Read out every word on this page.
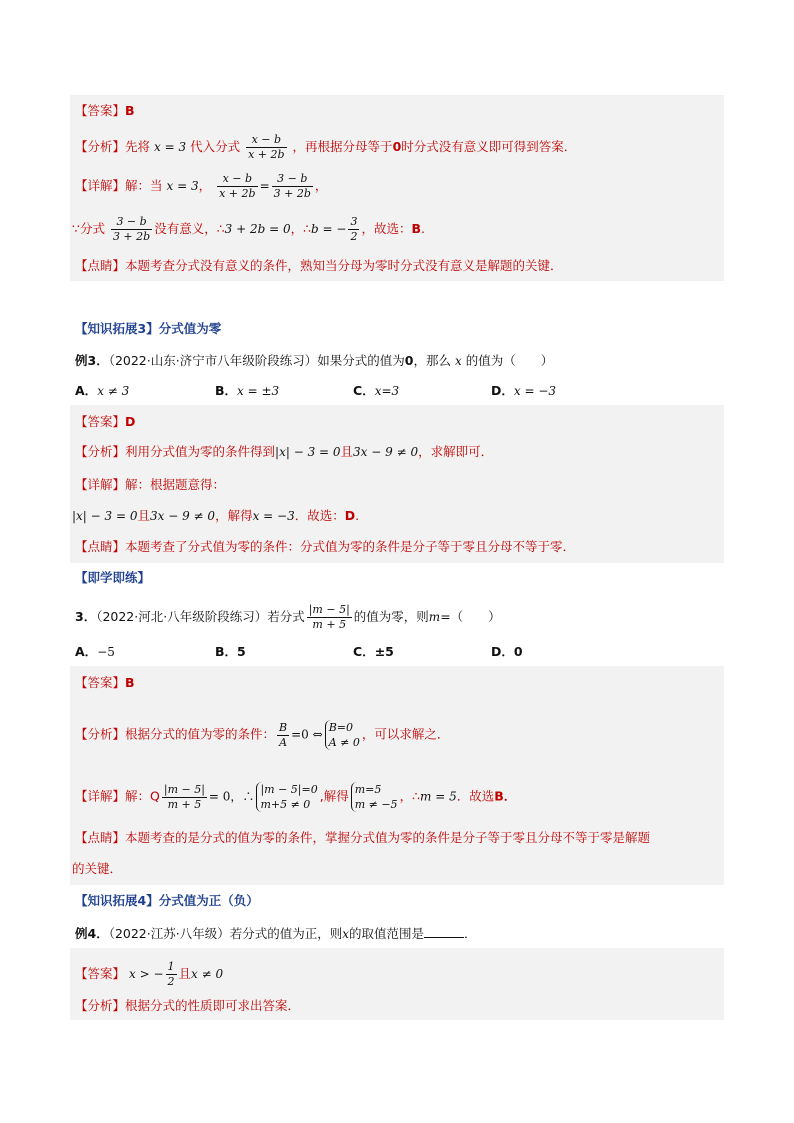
【答案】B
【分析】先将 x = 3 代入分式 $\frac{x - b}{x + 2b}$ ，再根据分母等于0时分式没有意义即可得到答案．
【详解】解：当 x = 3， $\frac{x - b}{x + 2b} = \frac{3 - b}{3 + 2b}$ ，
∵分式 $\frac{3 - b}{3 + 2b}$ 没有意义，∴3 + 2b = 0，∴b = − $\frac{3}{2}$ ，故选：B.
【点睛】本题考查分式没有意义的条件，熟知当分母为零时分式没有意义是解题的关键．
【知识拓展3】分式值为零
例3．（2022·山东·济宁市八年级阶段练习）如果分式的值为0，那么 x 的值为（　　）
A．x ≠ 3	B．x = ±3	C．x=3	D．x = −3
【答案】D
【分析】利用分式值为零的条件得到|x| − 3 = 0且3x − 9 ≠ 0，求解即可．
【详解】解：根据题意得：
|x| − 3 = 0且3x − 9 ≠ 0，解得x = −3．故选：D.
【点睛】本题考查了分式值为零的条件：分式值为零的条件是分子等于零且分母不等于零．
【即学即练】
3．（2022·河北·八年级阶段练习）若分式 $\frac{|m - 5|}{m + 5}$ 的值为零，则m=（　　）
A．−5	B．5	C．±5	D．0
【答案】B
【分析】根据分式的值为零的条件： $\frac{B}{A} =0$ ⇔ B=0
A ≠ 0
，可以求解之．
【详解】解：Q $\frac{|m - 5|}{m + 5} = 0$，∴ |m − 5|=0
m+5 ≠ 0
,解得 m=5
m ≠ −5
，∴m = 5．故选B．
【点睛】本题考查的是分式的值为零的条件，掌握分式值为零的条件是分子等于零且分母不等于零是解题
的关键．
【知识拓展4】分式值为正（负）
例4．（2022·江苏·八年级）若分式的值为正，则x的取值范围是	．
【答案】 x > − $\frac{1}{2}$ 且x ≠ 0
【分析】根据分式的性质即可求出答案．
